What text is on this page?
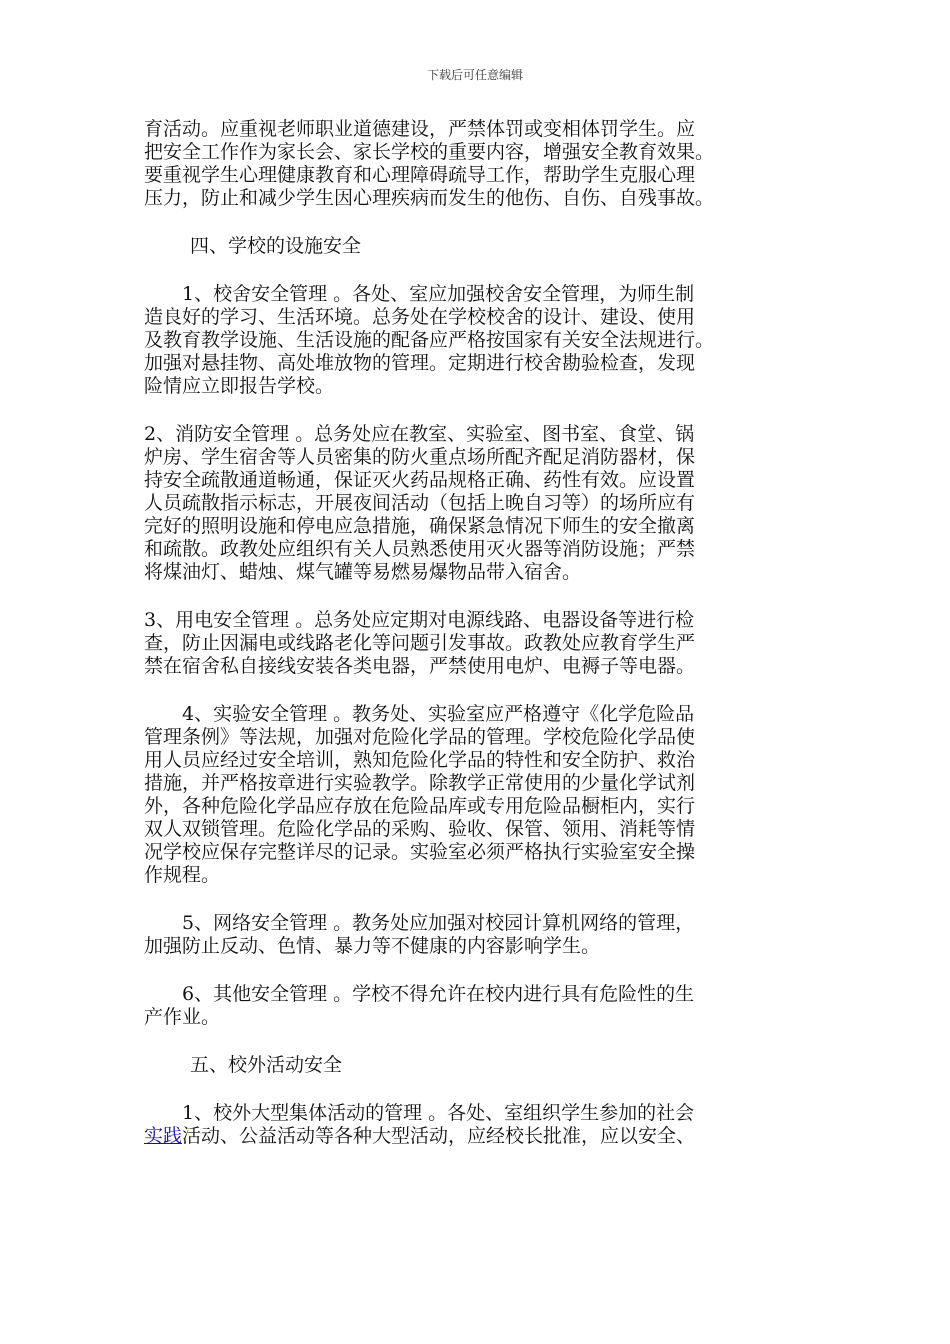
下载后可任意编辑

育活动。应重视老师职业道德建设，严禁体罚或变相体罚学生。应
把安全工作作为家长会、家长学校的重要内容，增强安全教育效果。
要重视学生心理健康教育和心理障碍疏导工作，帮助学生克服心理
压力，防止和减少学生因心理疾病而发生的他伤、自伤、自残事故。

四、学校的设施安全

　　1、校舍安全管理 。各处、室应加强校舍安全管理，为师生制
造良好的学习、生活环境。总务处在学校校舍的设计、建设、使用
及教育教学设施、生活设施的配备应严格按国家有关安全法规进行。
加强对悬挂物、高处堆放物的管理。定期进行校舍勘验检查，发现
险情应立即报告学校。

2、消防安全管理 。总务处应在教室、实验室、图书室、食堂、锅
炉房、学生宿舍等人员密集的防火重点场所配齐配足消防器材，保
持安全疏散通道畅通，保证灭火药品规格正确、药性有效。应设置
人员疏散指示标志，开展夜间活动（包括上晚自习等）的场所应有
完好的照明设施和停电应急措施，确保紧急情况下师生的安全撤离
和疏散。政教处应组织有关人员熟悉使用灭火器等消防设施；严禁
将煤油灯、蜡烛、煤气罐等易燃易爆物品带入宿舍。

3、用电安全管理 。总务处应定期对电源线路、电器设备等进行检
查，防止因漏电或线路老化等问题引发事故。政教处应教育学生严
禁在宿舍私自接线安装各类电器，严禁使用电炉、电褥子等电器。

　　4、实验安全管理 。教务处、实验室应严格遵守《化学危险品
管理条例》等法规，加强对危险化学品的管理。学校危险化学品使
用人员应经过安全培训，熟知危险化学品的特性和安全防护、救治
措施，并严格按章进行实验教学。除教学正常使用的少量化学试剂
外，各种危险化学品应存放在危险品库或专用危险品橱柜内，实行
双人双锁管理。危险化学品的采购、验收、保管、领用、消耗等情
况学校应保存完整详尽的记录。实验室必须严格执行实验室安全操
作规程。

　　5、网络安全管理 。教务处应加强对校园计算机网络的管理，
加强防止反动、色情、暴力等不健康的内容影响学生。

　　6、其他安全管理 。学校不得允许在校内进行具有危险性的生
产作业。

五、校外活动安全

　　1、校外大型集体活动的管理 。各处、室组织学生参加的社会
实践活动、公益活动等各种大型活动，应经校长批准，应以安全、
